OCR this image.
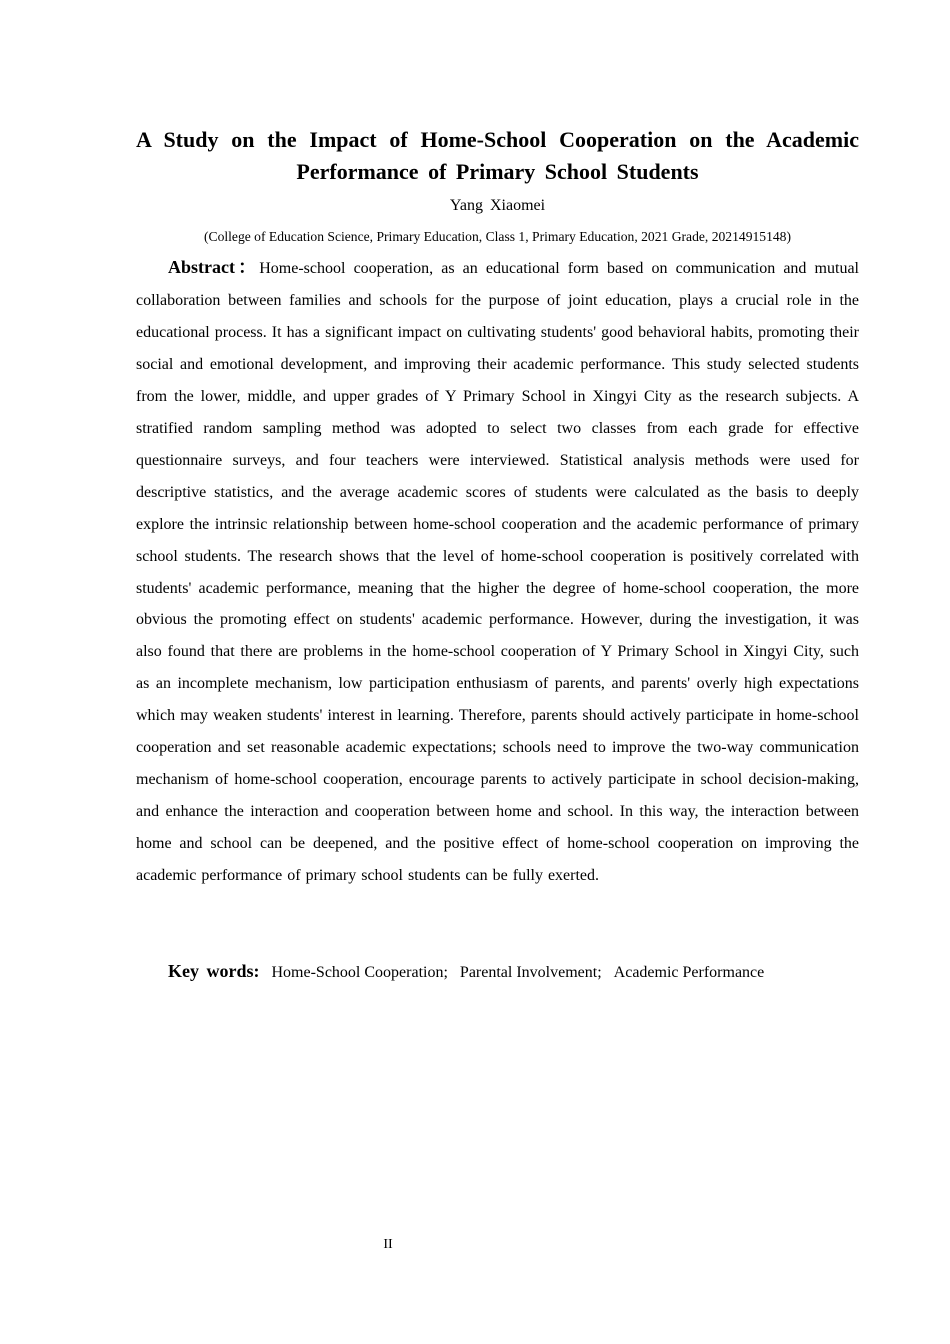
A Study on the Impact of Home-School Cooperation on the Academic
Performance of Primary School Students
Yang Xiaomei
(College of Education Science, Primary Education, Class 1, Primary Education, 2021 Grade, 20214915148)

Abstract：Home-school cooperation, as an educational form based on communication and mutual collaboration between families and schools for the purpose of joint education, plays a crucial role in the educational process. It has a significant impact on cultivating students' good behavioral habits, promoting their social and emotional development, and improving their academic performance. This study selected students from the lower, middle, and upper grades of Y Primary School in Xingyi City as the research subjects. A stratified random sampling method was adopted to select two classes from each grade for effective questionnaire surveys, and four teachers were interviewed. Statistical analysis methods were used for descriptive statistics, and the average academic scores of students were calculated as the basis to deeply explore the intrinsic relationship between home-school cooperation and the academic performance of primary school students. The research shows that the level of home-school cooperation is positively correlated with students' academic performance, meaning that the higher the degree of home-school cooperation, the more obvious the promoting effect on students' academic performance. However, during the investigation, it was also found that there are problems in the home-school cooperation of Y Primary School in Xingyi City, such as an incomplete mechanism, low participation enthusiasm of parents, and parents' overly high expectations which may weaken students' interest in learning. Therefore, parents should actively participate in home-school cooperation and set reasonable academic expectations; schools need to improve the two-way communication mechanism of home-school cooperation, encourage parents to actively participate in school decision-making, and enhance the interaction and cooperation between home and school. In this way, the interaction between home and school can be deepened, and the positive effect of home-school cooperation on improving the academic performance of primary school students can be fully exerted.

Key words: Home-School Cooperation; Parental Involvement; Academic Performance

II
